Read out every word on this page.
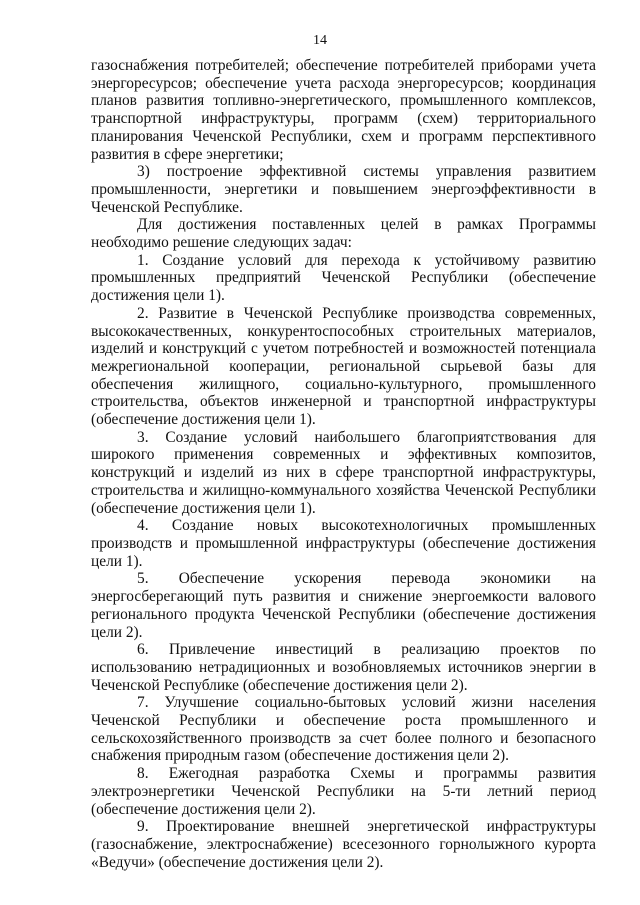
14

газоснабжения потребителей; обеспечение потребителей приборами учета энергоресурсов; обеспечение учета расхода энергоресурсов; координация планов развития топливно-энергетического, промышленного комплексов, транспортной инфраструктуры, программ (схем) территориального планирования Чеченской Республики, схем и программ перспективного развития в сфере энергетики;

3) построение эффективной системы управления развитием промышленности, энергетики и повышением энергоэффективности в Чеченской Республике.

Для достижения поставленных целей в рамках Программы необходимо решение следующих задач:

1. Создание условий для перехода к устойчивому развитию промышленных предприятий Чеченской Республики (обеспечение достижения цели 1).

2. Развитие в Чеченской Республике производства современных, высококачественных, конкурентоспособных строительных материалов, изделий и конструкций с учетом потребностей и возможностей потенциала межрегиональной кооперации, региональной сырьевой базы для обеспечения жилищного, социально-культурного, промышленного строительства, объектов инженерной и транспортной инфраструктуры (обеспечение достижения цели 1).

3. Создание условий наибольшего благоприятствования для широкого применения современных и эффективных композитов, конструкций и изделий из них в сфере транспортной инфраструктуры, строительства и жилищно-коммунального хозяйства Чеченской Республики (обеспечение достижения цели 1).

4. Создание новых высокотехнологичных промышленных производств и промышленной инфраструктуры (обеспечение достижения цели 1).

5. Обеспечение ускорения перевода экономики на энергосберегающий путь развития и снижение энергоемкости валового регионального продукта Чеченской Республики (обеспечение достижения цели 2).

6. Привлечение инвестиций в реализацию проектов по использованию нетрадиционных и возобновляемых источников энергии в Чеченской Республике (обеспечение достижения цели 2).

7. Улучшение социально-бытовых условий жизни населения Чеченской Республики и обеспечение роста промышленного и сельскохозяйственного производств за счет более полного и безопасного снабжения природным газом (обеспечение достижения цели 2).

8. Ежегодная разработка Схемы и программы развития электроэнергетики Чеченской Республики на 5-ти летний период (обеспечение достижения цели 2).

9. Проектирование внешней энергетической инфраструктуры (газоснабжение, электроснабжение) всесезонного горнолыжного курорта «Ведучи» (обеспечение достижения цели 2).
